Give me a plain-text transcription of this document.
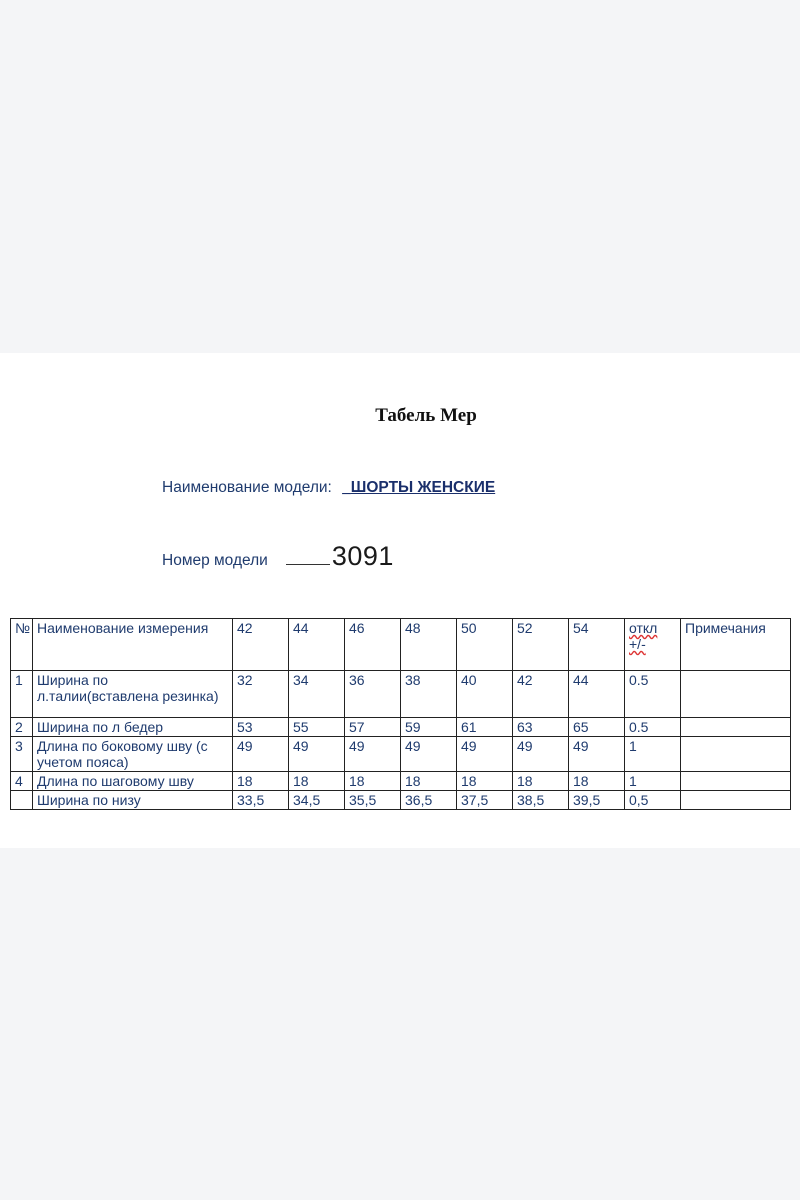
Табель Мер
Наименование модели: _ШОРТЫ ЖЕНСКИЕ
Номер модели 3091
№	Наименование измерения	42	44	46	48	50	52	54	откл +/-	Примечания
1	Ширина по л.талии(вставлена резинка)	32	34	36	38	40	42	44	0.5	
2	Ширина по л бедер	53	55	57	59	61	63	65	0.5	
3	Длина по боковому шву (с учетом пояса)	49	49	49	49	49	49	49	1	
4	Длина по шаговому шву	18	18	18	18	18	18	18	1	
	Ширина по низу	33,5	34,5	35,5	36,5	37,5	38,5	39,5	0,5	
